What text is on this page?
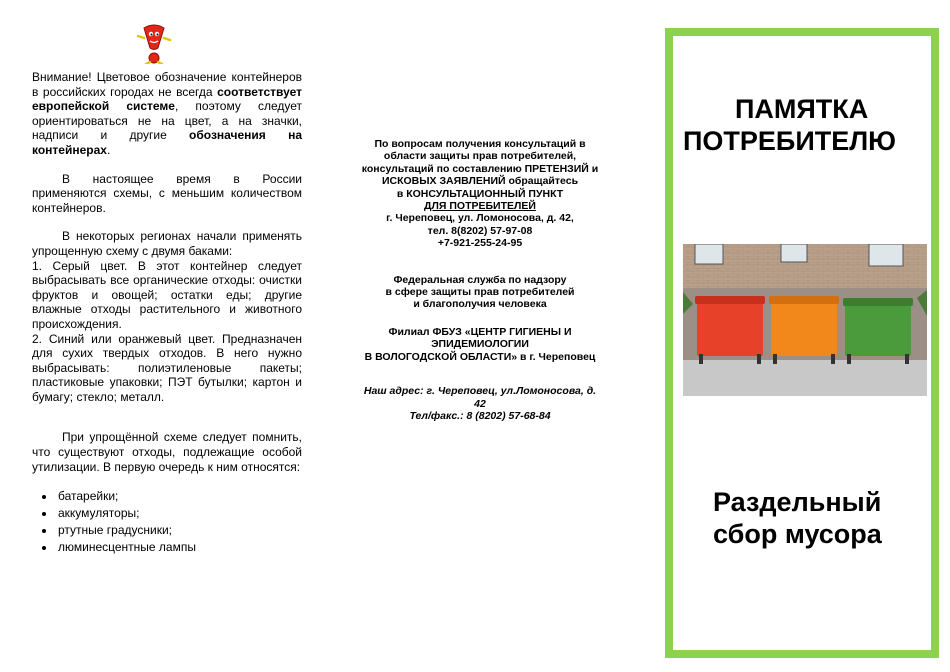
Внимание! Цветовое обозначение контейнеров в российских городах не всегда соответствует европейской системе, поэтому следует ориентироваться не на цвет, а на значки, надписи и другие обозначения на контейнерах.

В настоящее время в России применяются схемы, с меньшим количеством контейнеров.

В некоторых регионах начали применять упрощенную схему с двумя баками:

1. Серый цвет. В этот контейнер следует выбрасывать все органические отходы: очистки фруктов и овощей; остатки еды; другие влажные отходы растительного и животного происхождения.

2. Синий или оранжевый цвет. Предназначен для сухих твердых отходов. В него нужно выбрасывать: полиэтиленовые пакеты; пластиковые упаковки; ПЭТ бутылки; картон и бумагу; стекло; металл.

При упрощённой схеме следует помнить, что существуют отходы, подлежащие особой утилизации. В первую очередь к ним относятся:

батарейки;
аккумуляторы;
ртутные градусники;
люминесцентные лампы

По вопросам получения консультаций в

области защиты прав потребителей,

консультаций по составлению ПРЕТЕНЗИЙ и

ИСКОВЫХ ЗАЯВЛЕНИЙ обращайтесь

в КОНСУЛЬТАЦИОННЫЙ ПУНКТ

ДЛЯ ПОТРЕБИТЕЛЕЙ

г. Череповец, ул. Ломоносова, д. 42,

тел. 8(8202) 57-97-08

+7-921-255-24-95

Федеральная служба по надзору

в сфере защиты прав потребителей

и благополучия человека

Филиал ФБУЗ «ЦЕНТР ГИГИЕНЫ И

ЭПИДЕМИОЛОГИИ

В ВОЛОГОДСКОЙ ОБЛАСТИ» в г. Череповец

Наш адрес: г. Череповец, ул.Ломоносова, д.

42

Тел/факс.: 8 (8202) 57-68-84

ПАМЯТКА
ПОТРЕБИТЕЛЮ
Раздельный
сбор мусора
